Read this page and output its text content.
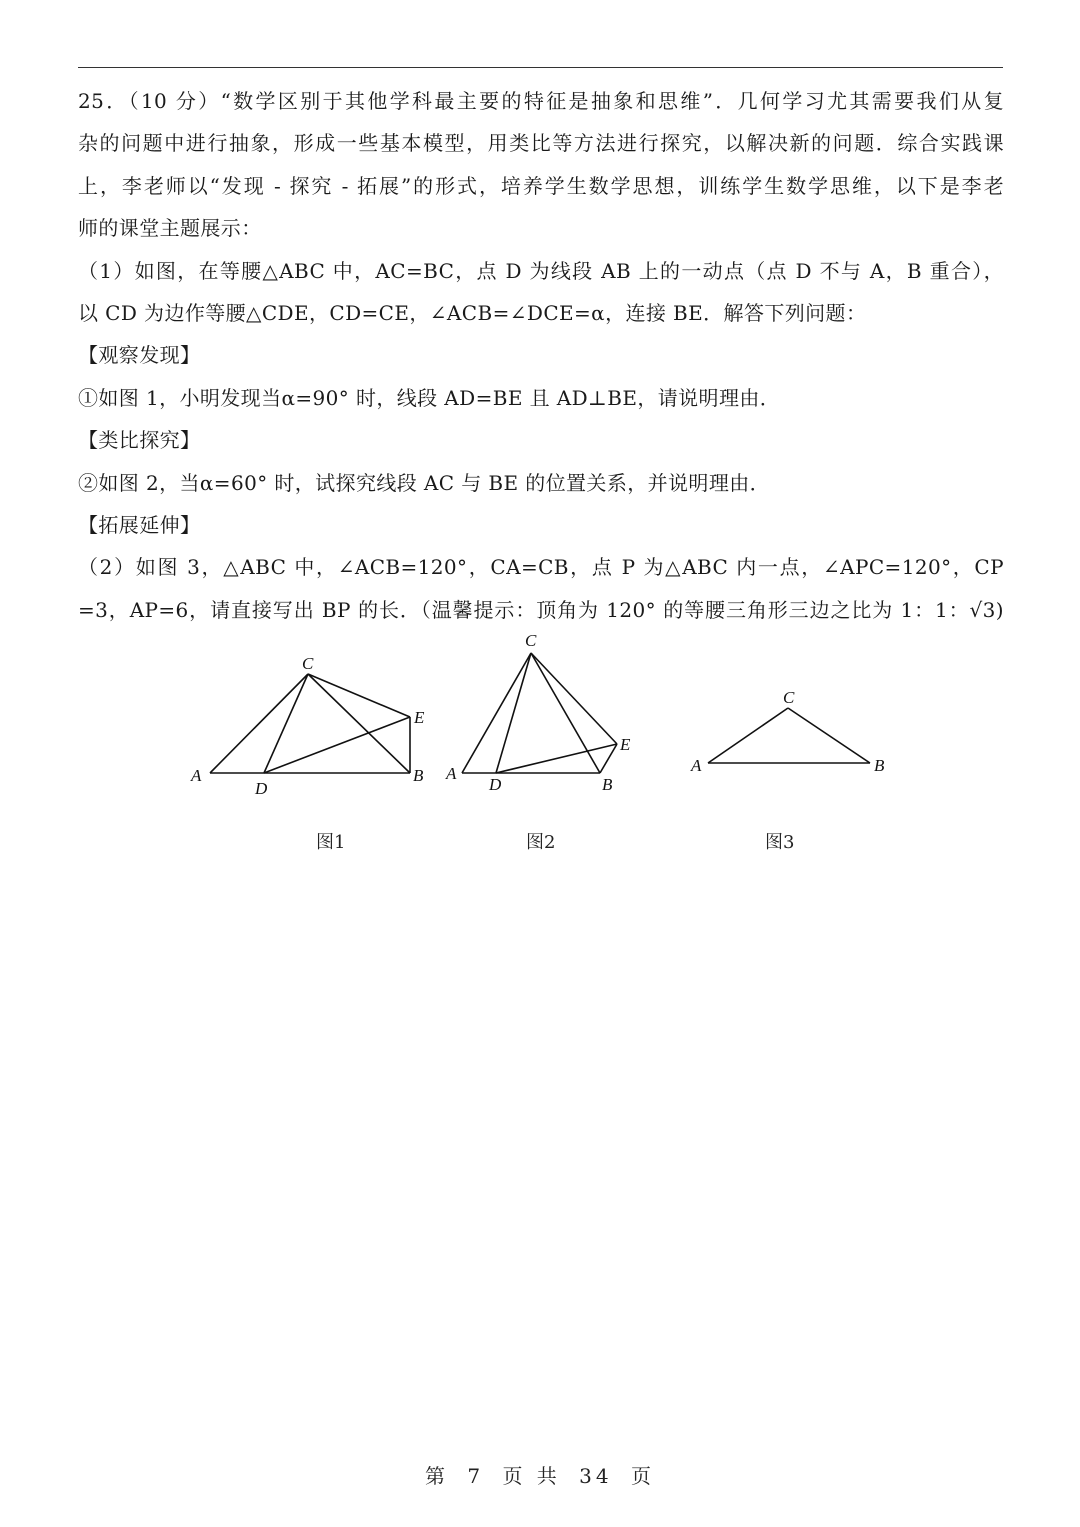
25．（10 分）“数学区别于其他学科最主要的特征是抽象和思维”．几何学习尤其需要我们从复
杂的问题中进行抽象，形成一些基本模型，用类比等方法进行探究，以解决新的问题．综合实践课
上，李老师以“发现 - 探究 - 拓展”的形式，培养学生数学思想，训练学生数学思维，以下是李老
师的课堂主题展示：
（1）如图，在等腰△ABC 中，AC=BC，点 D 为线段 AB 上的一动点（点 D 不与 A，B 重合），
以 CD 为边作等腰△CDE，CD=CE，∠ACB=∠DCE=α，连接 BE．解答下列问题：
【观察发现】
①如图 1，小明发现当α=90° 时，线段 AD=BE 且 AD⊥BE，请说明理由．
【类比探究】
②如图 2，当α=60° 时，试探究线段 AC 与 BE 的位置关系，并说明理由．
【拓展延伸】
（2）如图 3，△ABC 中，∠ACB=120°，CA=CB，点 P 为△ABC 内一点，∠APC=120°，CP
=3，AP=6，请直接写出 BP 的长．（温馨提示：顶角为 120° 的等腰三角形三边之比为 1：1：√3)
A
D
B
C
E
A
D	B
C
E
A	B
C
图1	图2	图3
第 7 页 共 34 页
